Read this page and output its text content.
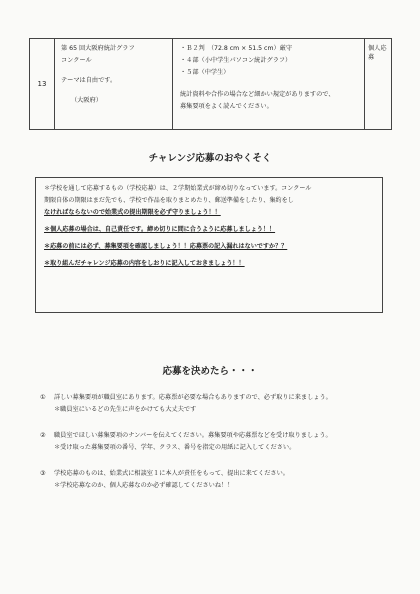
13
第 65 回大阪府統計グラフ
コンクール
テーマは自由です。
（大阪府）
・Ｂ２判　（72.8 cm × 51.5 cm）厳守
・４部（小中学生パソコン統計グラフ）
・５部（中学生）
統計資料や合作の場合など細かい規定がありますので、
募集要項をよく読んでください。
個人応募
チャレンジ応募のおやくそく
＊学校を通して応募するもの（学校応募）は、２学期始業式が締め切りなっています。コンクール
期限自体の期限はまだ先でも、学校で作品を取りまとめたり、郵送準備をしたり、集約をし
なければならないので始業式の提出期限を必ず守りましょう！！
＊個人応募の場合は、自己責任です。締め切りに間に合うように応募しましょう！！
＊応募の前には必ず、募集要項を確認しましょう！！応募票の記入漏れはないですか？？
＊取り組んだチャレンジ応募の内容をしおりに記入しておきましょう！！
応募を決めたら・・・
① 詳しい募集要項が職員室にあります。応募票が必要な場合もありますので、必ず取りに来ましょう。
＊職員室にいるどの先生に声をかけても大丈夫です
② 職員室でほしい募集要項のナンバーを伝えてください。募集要項や応募票などを受け取りましょう。
＊受け取った募集要項の番号、学年、クラス、番号を指定の用紙に記入してください。
③ 学校応募のものは、始業式に相談室１に本人が責任をもって、提出に来てください。
＊学校応募なのか、個人応募なのか必ず確認してくださいね！！
